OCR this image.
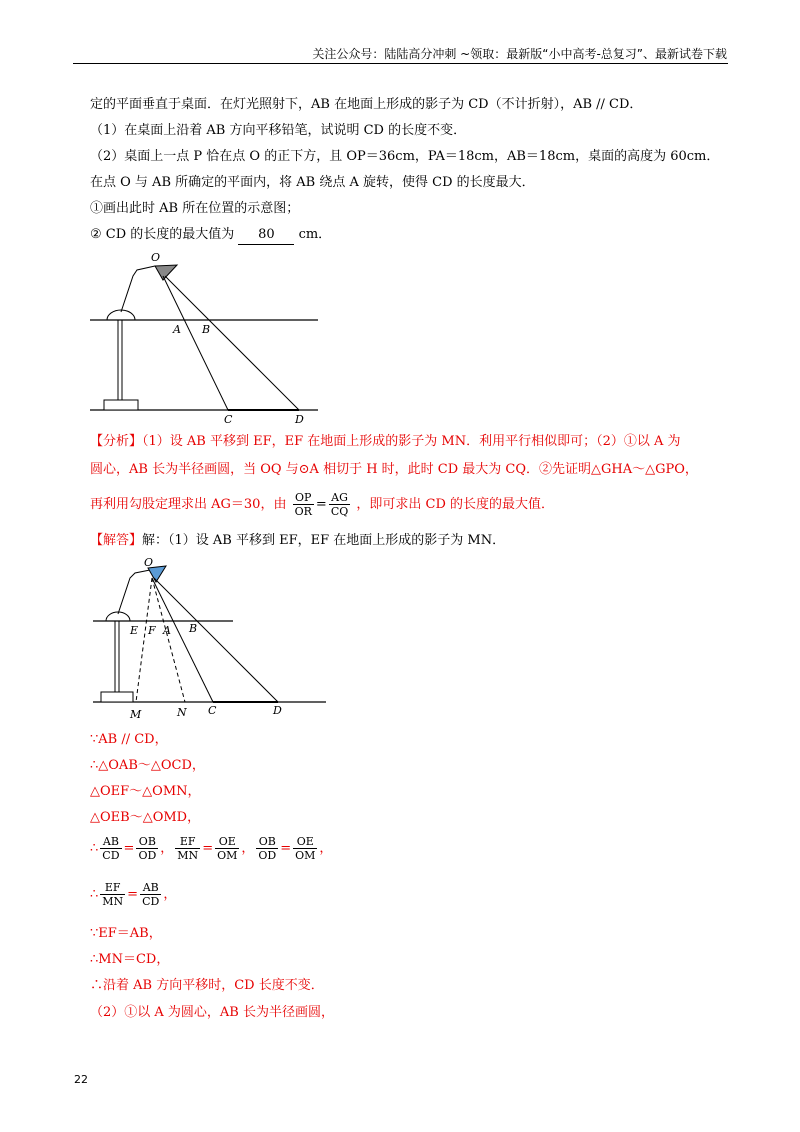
关注公众号：陆陆高分冲刺 ~领取：最新版“小中高考-总复习”、最新试卷下载
定的平面垂直于桌面．在灯光照射下，AB 在地面上形成的影子为 CD（不计折射），AB // CD．
（1）在桌面上沿着 AB 方向平移铅笔，试说明 CD 的长度不变．
（2）桌面上一点 P 恰在点 O 的正下方，且 OP＝36cm，PA＝18cm，AB＝18cm，桌面的高度为 60cm．
在点 O 与 AB 所确定的平面内，将 AB 绕点 A 旋转，使得 CD 的长度最大．
①画出此时 AB 所在位置的示意图；
② CD 的长度的最大值为 80 cm．
O
A B
C	D
【分析】（1）设 AB 平移到 EF，EF 在地面上形成的影子为 MN．利用平行相似即可；（2）①以 A 为
圆心，AB 长为半径画圆，当 OQ 与⊙A 相切于 H 时，此时 CD 最大为 CQ．②先证明△GHA～△GPO，
再利用勾股定理求出 AG＝30，由 $\frac{OP}{OR} = \frac{AG}{CQ}$ ，即可求出 CD 的长度的最大值．
【解答】解：（1）设 AB 平移到 EF，EF 在地面上形成的影子为 MN．
O
E F A B
M	N C	D
∵AB // CD，
∴△OAB～△OCD，
△OEF～△OMN，
△OEB～△OMD，
∴ $\frac{AB}{CD} = \frac{OB}{OD}$ ， $\frac{EF}{MN} = \frac{OE}{OM}$ ， $\frac{OB}{OD} = \frac{OE}{OM}$ ，
∴ $\frac{EF}{MN} = \frac{AB}{CD}$ ，
∵EF＝AB，
∴MN＝CD，
∴沿着 AB 方向平移时，CD 长度不变．
（2）①以 A 为圆心，AB 长为半径画圆，
22
